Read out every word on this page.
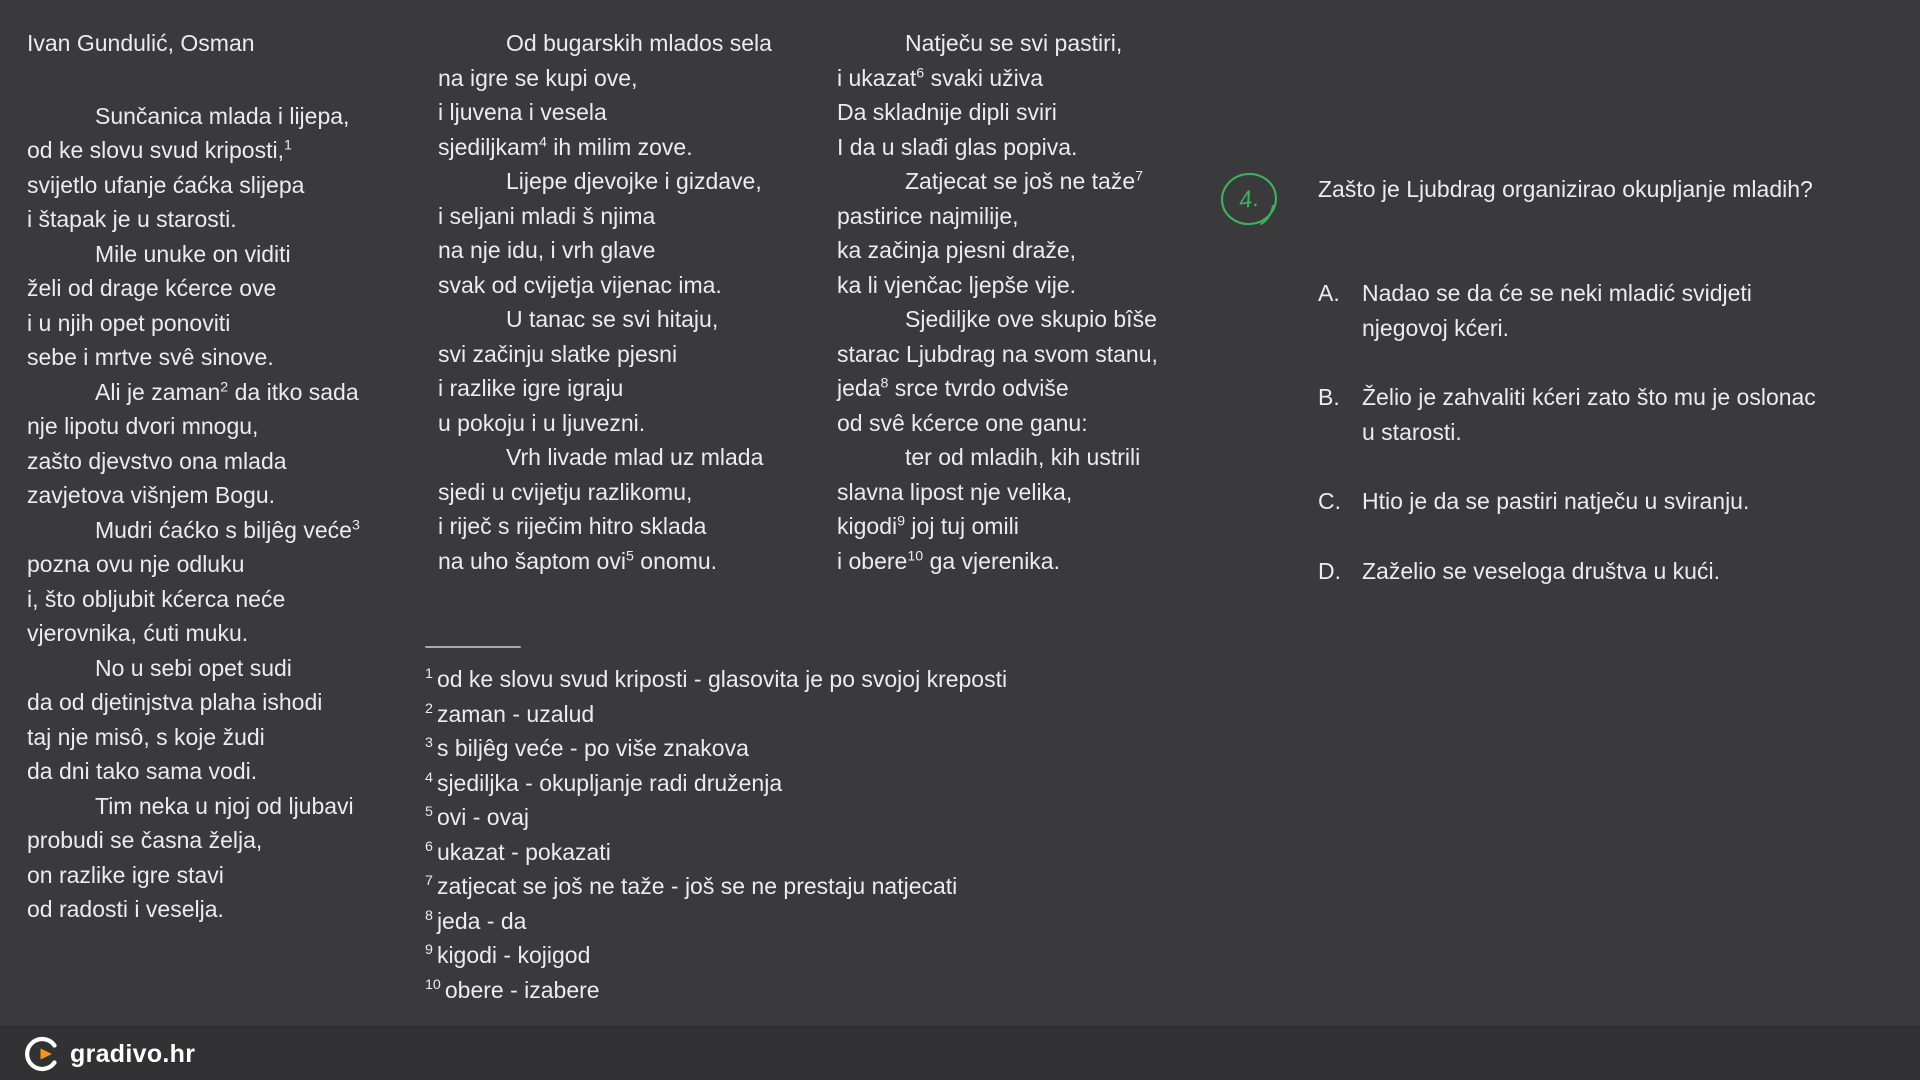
Ivan Gundulić, Osman
Sunčanica mlada i lijepa,
od ke slovu svud kriposti,$^1$
svijetlo ufanje ćaćka slijepa
i štapak je u starosti.
Mile unuke on viditi
želi od drage kćerce ove
i u njih opet ponoviti
sebe i mrtve svê sinove.
Ali je zaman$^2$ da itko sada
nje lipotu dvori mnogu,
zašto djevstvo ona mlada
zavjetova višnjem Bogu.
Mudri ćaćko s biljêg veće$^3$
pozna ovu nje odluku
i, što obljubit kćerca neće
vjerovnika, ćuti muku.
No u sebi opet sudi
da od djetinjstva plaha ishodi
taj nje misô, s koje žudi
da dni tako sama vodi.
Tim neka u njoj od ljubavi
probudi se časna želja,
on razlike igre stavi
od radosti i veselja.
Od bugarskih mlados sela
na igre se kupi ove,
i ljuvena i vesela
sjediljkam$^4$ ih milim zove.
Lijepe djevojke i gizdave,
i seljani mladi š njima
na nje idu, i vrh glave
svak od cvijetja vijenac ima.
U tanac se svi hitaju,
svi začinju slatke pjesni
i razlike igre igraju
u pokoju i u ljuvezni.
Vrh livade mlad uz mlada
sjedi u cvijetju razlikomu,
i riječ s riječim hitro sklada
na uho šaptom ovi$^5$ onomu.
Natječu se svi pastiri,
i ukazat$^6$ svaki uživa
Da skladnije dipli sviri
I da u slađi glas popiva.
Zatjecat se još ne taže$^7$
pastirice najmilije,
ka začinja pjesni draže,
ka li vjenčac ljepše vije.
Sjediljke ove skupio bîše
starac Ljubdrag na svom stanu,
jeda$^8$ srce tvrdo odviše
od svê kćerce one ganu:
ter od mladih, kih ustrili
slavna lipost nje velika,
kigodi$^9$ joj tuj omili
i obere$^{10}$ ga vjerenika.
$^1$ od ke slovu svud kriposti - glasovita je po svojoj kreposti
$^2$ zaman - uzalud
$^3$ s biljêg veće - po više znakova
$^4$ sjediljka - okupljanje radi druženja
$^5$ ovi - ovaj
$^6$ ukazat - pokazati
$^7$ zatjecat se još ne taže - još se ne prestaju natjecati
$^8$ jeda - da
$^9$ kigodi - kojigod
$^{10}$ obere - izabere
4.	Zašto je Ljubdrag organizirao okupljanje mladih?
A. Nadao se da će se neki mladić svidjeti
njegovoj kćeri.
B. Želio je zahvaliti kćeri zato što mu je oslonac
u starosti.
C. Htio je da se pastiri natječu u sviranju.
D. Zaželio se veseloga društva u kući.
gradivo.hr
